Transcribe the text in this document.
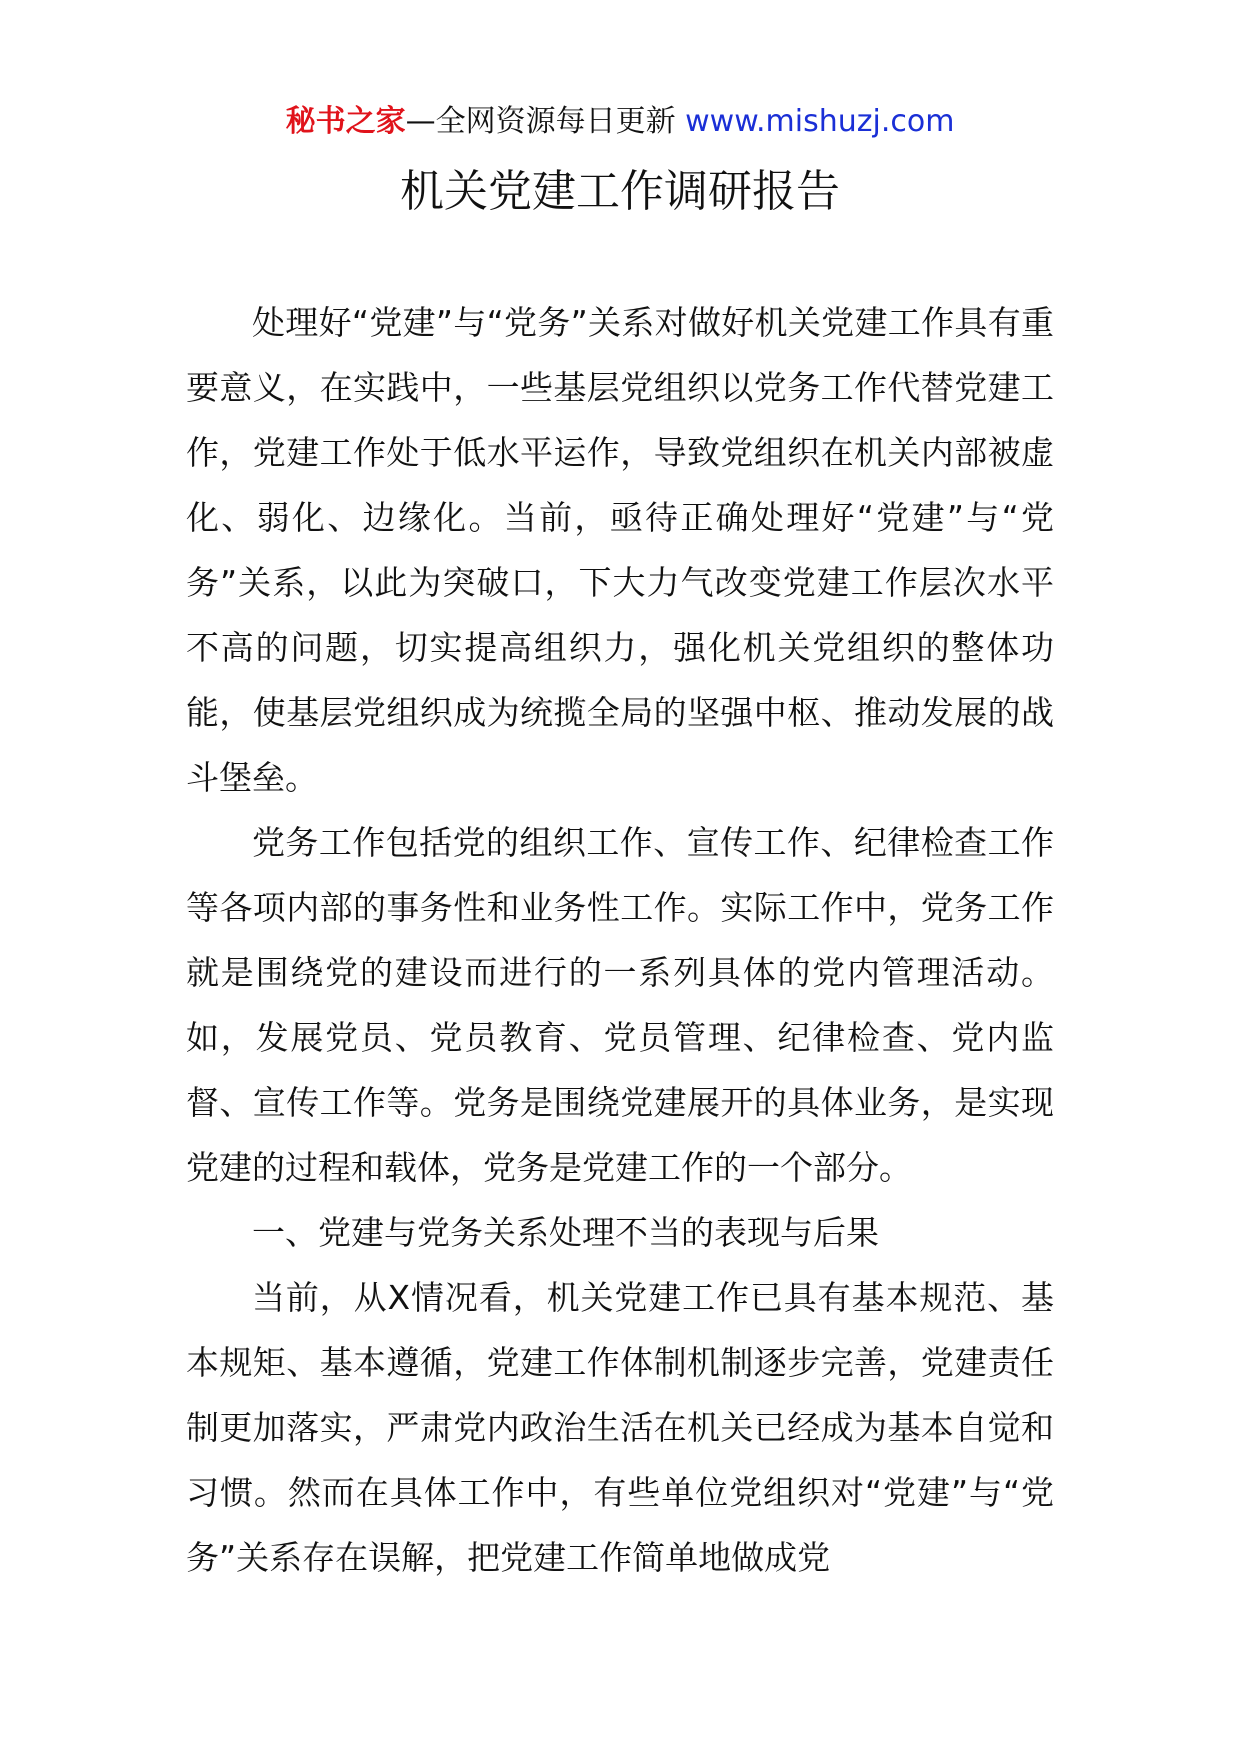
秘书之家—全网资源每日更新 www.mishuzj.com
机关党建工作调研报告

处理好“党建”与“党务”关系对做好机关党建工作具有重要意义，在实践中，一些基层党组织以党务工作代替党建工作，党建工作处于低水平运作，导致党组织在机关内部被虚化、弱化、边缘化。当前，亟待正确处理好“党建”与“党务”关系，以此为突破口，下大力气改变党建工作层次水平不高的问题，切实提高组织力，强化机关党组织的整体功能，使基层党组织成为统揽全局的坚强中枢、推动发展的战斗堡垒。

党务工作包括党的组织工作、宣传工作、纪律检查工作等各项内部的事务性和业务性工作。实际工作中，党务工作就是围绕党的建设而进行的一系列具体的党内管理活动。如，发展党员、党员教育、党员管理、纪律检查、党内监督、宣传工作等。党务是围绕党建展开的具体业务，是实现党建的过程和载体，党务是党建工作的一个部分。

一、党建与党务关系处理不当的表现与后果

当前，从X情况看，机关党建工作已具有基本规范、基本规矩、基本遵循，党建工作体制机制逐步完善，党建责任制更加落实，严肃党内政治生活在机关已经成为基本自觉和习惯。然而在具体工作中，有些单位党组织对“党建”与“党务”关系存在误解，把党建工作简单地做成党
